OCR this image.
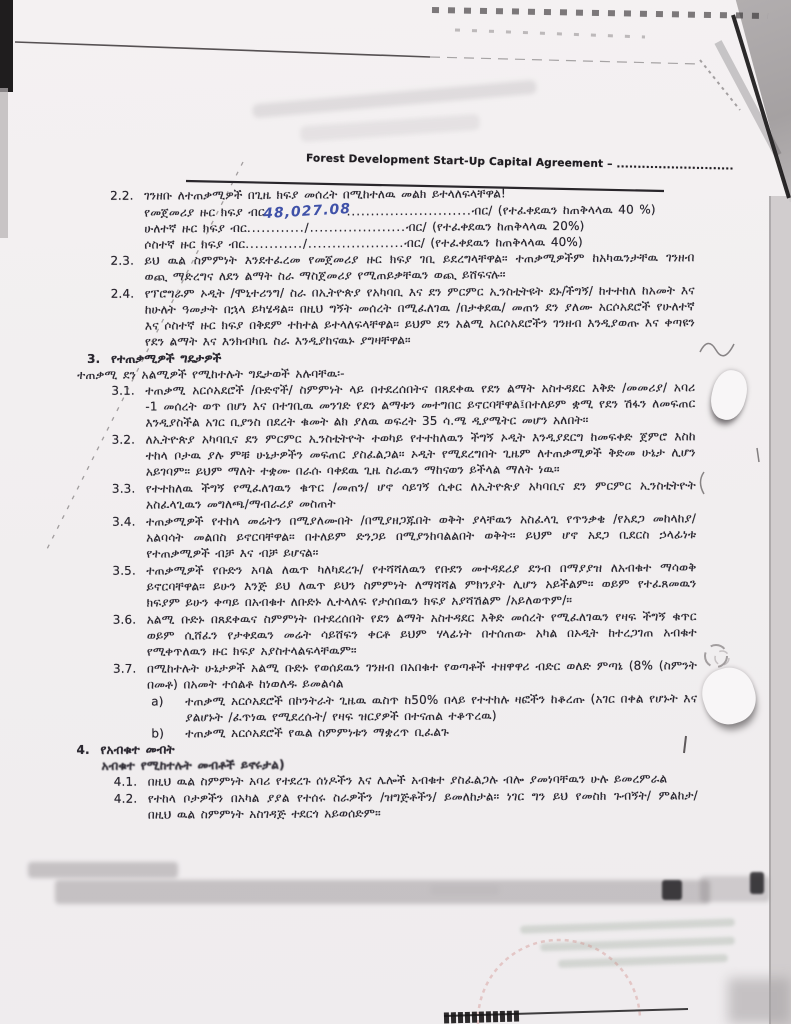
Forest Development Start-Up Capital Agreement – ............................
2.2. ገንዘቡ ለተጠቃሚዎች በጊዜ ክፍያ መሰረት በሚከተለዉ መልክ ይተላለፍላቸዋል!
የመጀመሪያ ዙር ክፍያ ብር48,027.08..........................ብር/ (የተፈቀደዉን ከጠቅላላዉ 40 %)
ሁለተኛ ዙር ክፍያ ብር............/....................ብር/ (የተፈቀደዉን ከጠቅላላዉ 20%)
ሶስተኛ ዙር ክፍያ ብር............/....................ብር/ (የተፈቀደዉን ከጠቅላላዉ 40%)
2.3. ይህ ዉል ስምምነት እንደተፈረመ የመጀመሪያ ዙር ክፍያ ገቢ ይደረግላቸዋል። ተጠቃሚዎችም ከአካዉንታቸዉ ገንዘብ ወጪ ማድረግና ለደን ልማት ስራ ማስጀመሪያ የሚጠይቃቸዉን ወጪ ይሸፍናሉ።
2.4. የፕሮግራም ኦዲት /ሞኒተሪንግ/ ስራ በኢትዮጵያ የአካባቢ እና ደን ምርምር ኢንስቲትዩት ደኑ/ችግኝ/ ከተተከለ ከአመት እና ከሁለት ዓመታት በኋላ ይካሄዳል። በዚህ ግኝት መሰረት በሚፈለገዉ /በታቀደዉ/ መጠን ደን ያለሙ አርሶአደሮች የሁለተኛ እና ሶስተኛ ዙር ክፍያ በቅደም ተከተል ይተላለፍላቸዋል። ይህም ደን አልሚ አርሶአደሮችን ገንዘብ እንዲያወጡ እና ቀጣዩን የደን ልማት እና እንክብካቤ ስራ እንዲያከናዉኑ ያግዛቸዋል።
3. የተጠቃሚዎች ግዴታዎች
ተጠቃሚ ደን አልሚዎች የሚከተሉት ግዴታወች አሉባቸዉ፡-
3.1. ተጠቃሚ አርሶአደሮች /ቡድኖች/ ስምምነት ላይ በተደረሰበትና በጸደቀዉ የደን ልማት አስተዳደር እቅድ /መመሪያ/ አባሪ -1 መሰረት ወጥ በሆነ እና በተገቢዉ መንገድ የደን ልማቱን መተግበር ይኖርባቸዋል፤በተለይም ቋሚ የደን ሽፋን ለመፍጠር እንዲያስችል አገር ቢያንስ በደረት ቁመት ልክ ያለዉ ወፍረት 35 ሳ.ሜ ዲያሜትር መሆን አለበት።
3.2. ለኢትዮጵያ አካባቢና ደን ምርምር ኢንስቲትዮት ተወካይ የተተከለዉን ችግኝ ኦዲት እንዲያደርግ ከመፍቀድ ጀምሮ እስከ ተከላ ቦታዉ ያሉ ምቹ ሁኔታዎችን መፍጠር ያስፈልጋል። ኦዲት የሚደረግበት ጊዜም ለተጠቃሚዎች ቅድመ ሁኔታ ሊሆን አይገባም። ይህም ማለት ተቋሙ በራሱ ባቀደዉ ጊዜ ስራዉን ማከናወን ይችላል ማለት ነዉ።
3.3. የተተከለዉ ችግኝ የሚፈለገዉን ቁጥር /መጠን/ ሆኖ ሳይገኝ ሲቀር ለኢትዮጵያ አካባቢና ደን ምርምር ኢንስቲትዮት አስፈላጊዉን መግለጫ/ማብራሪያ መስጠት
3.4. ተጠቃሚዎች የተከላ መሬትን በሚያለሙበት /በሚያዘጋጁበት ወቅት ያላቸዉን አስፈላጊ የጥንቃቄ /የአደጋ መከላከያ/ አልባሳት መልበስ ይኖርባቸዋል። በተለይም ድንጋይ በሚያንከባልልበት ወቅት። ይህም ሆኖ አደጋ ቢደርስ ኃላፊነቱ የተጠቃሚዎች ብቻ እና ብቻ ይሆናል።
3.5. ተጠቃሚዎች የቡድን አባል ለዉጥ ካለካደረጉ/ የተሻሻለዉን የቡደን መተዳደሪያ ደንብ በማያያዝ ለአብቁተ ማሳወቅ ይኖርባቸዋል። ይሁን እንጅ ይህ ለዉጥ ይህን ስምምነት ለማሻሻል ምክንያት ሊሆን አይችልም። ወይም የተፈጸመዉን ክፍያም ይሁን ቀጣይ በአብቁተ ለቡድኑ ሊተላለፍ የታሰበዉን ክፍያ አያሻሽልም /አይለወጥም/።
3.6. አልሚ ቡድኑ በጸደቀዉና ስምምነት በተደረሰበት የደን ልማት አስተዳደር እቅድ መሰረት የሚፈለገዉን የዛፍ ችግኝ ቁጥር ወይም ሲሸፈን የታቀደዉን መሬት ሳይሸፍን ቀርቶ ይህም ሃላፊነት በተሰጠው አካል በኦዲት ከተረጋገጠ አብቁተ የሚቀጥለዉን ዙር ክፍያ አያስተላልፍላቸዉም።
3.7. በሚከተሉት ሁኔታዎች አልሚ ቡድኑ የወሰደዉን ገንዘብ በአበቁተ የወጣቶች ተዘዋዋሪ ብድር ወለድ ምጣኔ (8% (ስምንት በመቶ) በአመት ተሰልቶ ከነወለዱ ይመልሳል
a) ተጠቃሚ አርሶአደሮች በኮንትራት ጊዜዉ ዉስጥ ከ50% በላይ የተተከሉ ዛፎችን ከቆረጡ (አገር በቀል የሆኑት እና ያልሆኑት /ፈጥነዉ የሚደረሱት/ የዛፍ ዝርያዎች በተናጠል ተቆጥረዉ)
b) ተጠቃሚ አርሶአደሮች የዉል ስምምነቱን ማቋረጥ ቢፈልጉ
4. የአብቁተ መብት
አብቁተ የሚከተሉት መብቶች ይኖሩታል)
4.1. በዚህ ዉል ስምምነት አባሪ የተደረጉ ሰነዶችን እና ሌሎች አብቁተ ያስፈልጋሉ ብሎ ያመነባቸዉን ሁሉ ይመረምራል
4.2. የተከላ ቦታዎችን በአካል ያያል የተሰሩ ስራዎችን /ዝግጅቶችን/ ይመለከታል። ነገር ግን ይህ የመስክ ጉብኝት/ ምልከታ/ በዚህ ዉል ስምምነት አስገዳጅ ተደርጎ አይወሰድም።
